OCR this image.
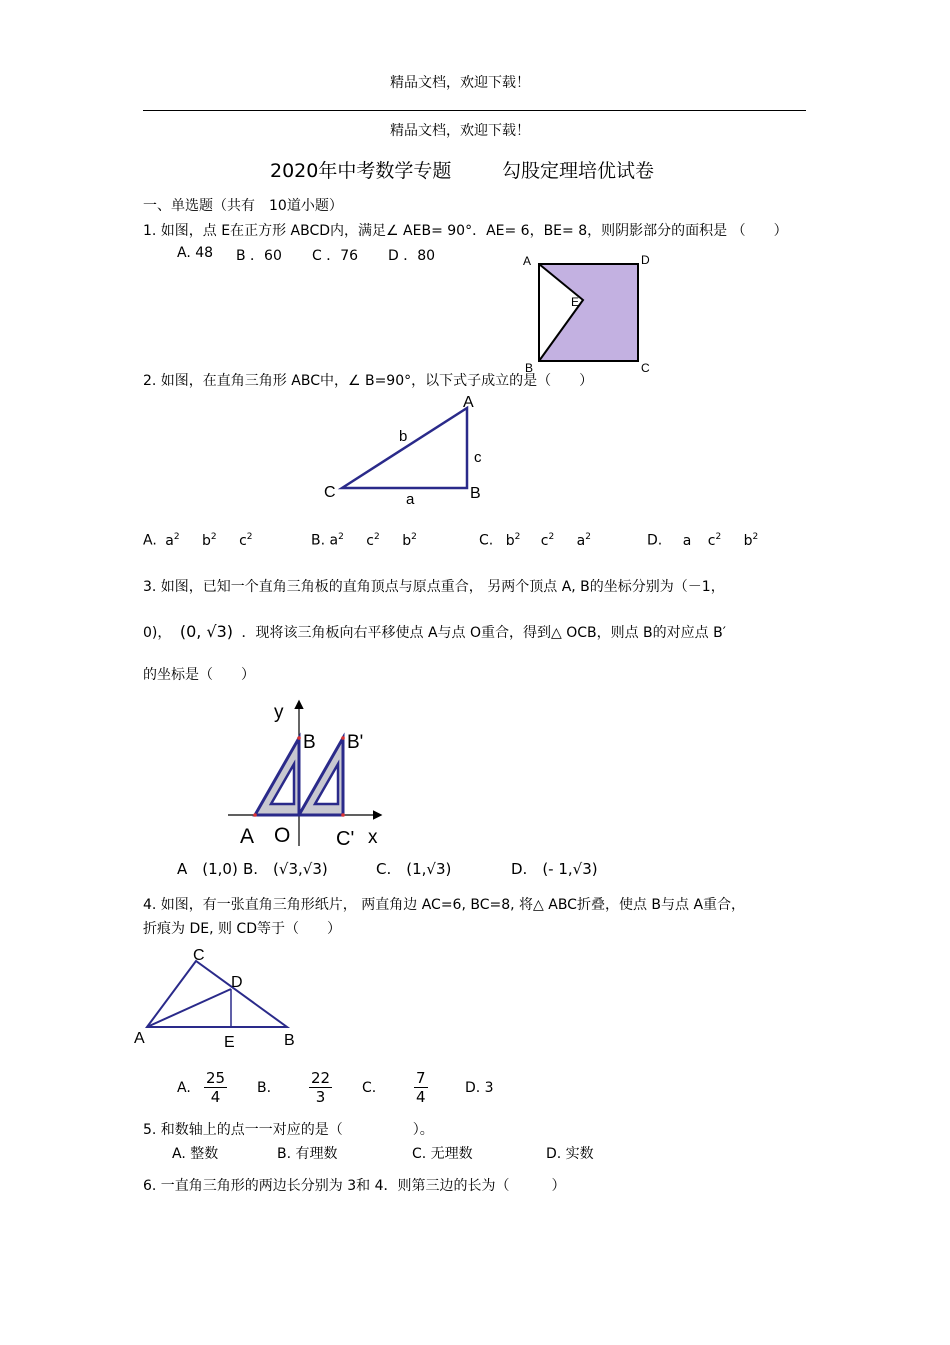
精品文档，欢迎下载！
精品文档，欢迎下载！
2020年中考数学专题	勾股定理培优试卷
一、单选题（共有　10道小题）
1. 如图，点 E在正方形 ABCD内，满足∠ AEB= 90°．AE= 6，BE= 8，则阴影部分的面积是 （　　）
A. 48 B ．60 C ．76 D ．80	A	D
E
B	C
2. 如图，在直角三角形 ABC中，∠ B=90°，以下式子成立的是（　　）
A
b
c
C	a	B
A. $a^2$ $b^2$ $c^2$	B. $a^2$ $c^2$ $b^2$	C. $b^2$ $c^2$ $a^2$	D. a $c^2$ $b^2$
3. 如图，已知一个直角三角板的直角顶点与原点重合， 另两个顶点 A, B的坐标分别为（－1，
0)， (0, √3) ．现将该三角板向右平移使点 A与点 O重合，得到△ OCB，则点 B的对应点 B′
的坐标是（　　）
y
B B'
A O C' x
A　(1,0) B.　(√3,√3)	C.　(1,√3)	D.　(- 1,√3)
4. 如图，有一张直角三角形纸片， 两直角边 AC=6, BC=8, 将△ ABC折叠，使点 B与点 A重合，
折痕为 DE, 则 CD等于（　　）
C
D
A	E	B
A. $\frac{25}{4} B$.	$\frac{22}{3} C$.	$\frac{7}{4}$	D. 3
5. 和数轴上的点一一对应的是（　　　　　）。
A. 整数	B. 有理数	C. 无理数	D. 实数
6. 一直角三角形的两边长分别为 3和 4．则第三边的长为（　　　）
